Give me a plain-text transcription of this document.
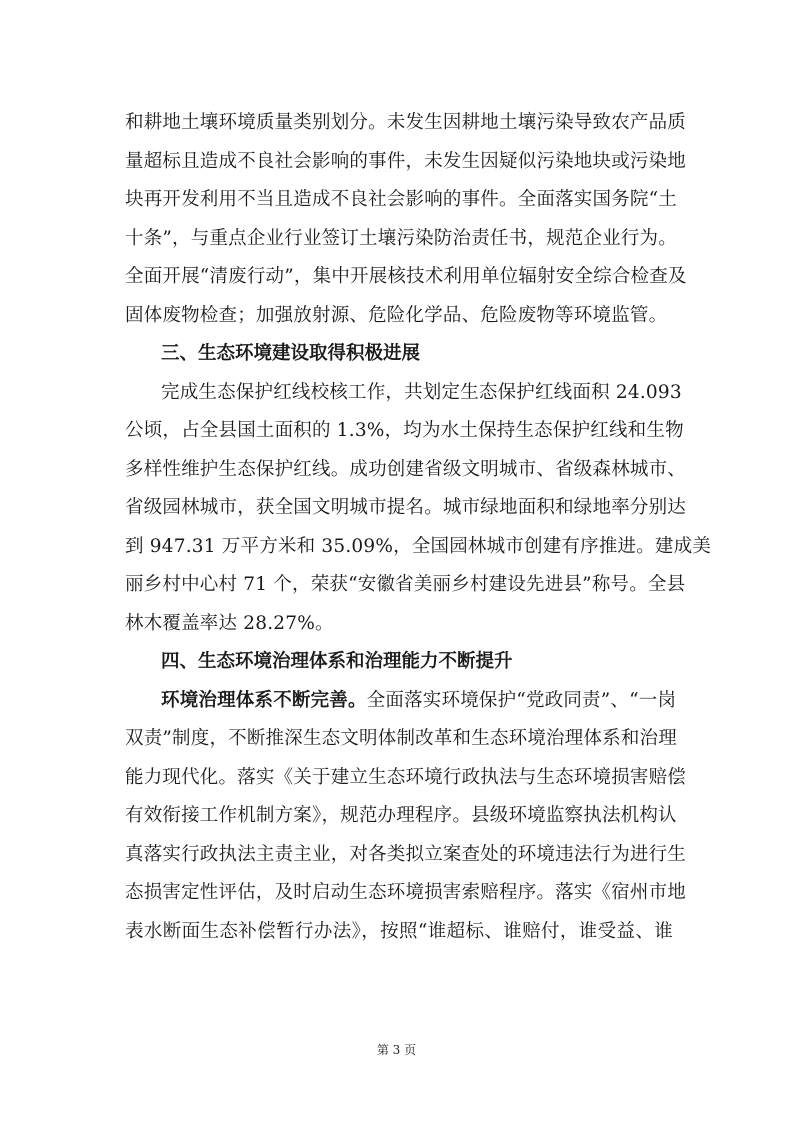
和耕地土壤环境质量类别划分。未发生因耕地土壤污染导致农产品质
量超标且造成不良社会影响的事件，未发生因疑似污染地块或污染地
块再开发利用不当且造成不良社会影响的事件。全面落实国务院“土
十条”，与重点企业行业签订土壤污染防治责任书，规范企业行为。
全面开展“清废行动”，集中开展核技术利用单位辐射安全综合检查及
固体废物检查；加强放射源、危险化学品、危险废物等环境监管。
三、生态环境建设取得积极进展
完成生态保护红线校核工作，共划定生态保护红线面积 24.093
公顷，占全县国土面积的 1.3%，均为水土保持生态保护红线和生物
多样性维护生态保护红线。成功创建省级文明城市、省级森林城市、
省级园林城市，获全国文明城市提名。城市绿地面积和绿地率分别达
到 947.31 万平方米和 35.09%，全国园林城市创建有序推进。建成美
丽乡村中心村 71 个，荣获“安徽省美丽乡村建设先进县”称号。全县
林木覆盖率达 28.27%。
四、生态环境治理体系和治理能力不断提升
环境治理体系不断完善。全面落实环境保护“党政同责”、“一岗
双责”制度，不断推深生态文明体制改革和生态环境治理体系和治理
能力现代化。落实《关于建立生态环境行政执法与生态环境损害赔偿
有效衔接工作机制方案》，规范办理程序。县级环境监察执法机构认
真落实行政执法主责主业，对各类拟立案查处的环境违法行为进行生
态损害定性评估，及时启动生态环境损害索赔程序。落实《宿州市地
表水断面生态补偿暂行办法》，按照“谁超标、谁赔付，谁受益、谁
第 3 页
